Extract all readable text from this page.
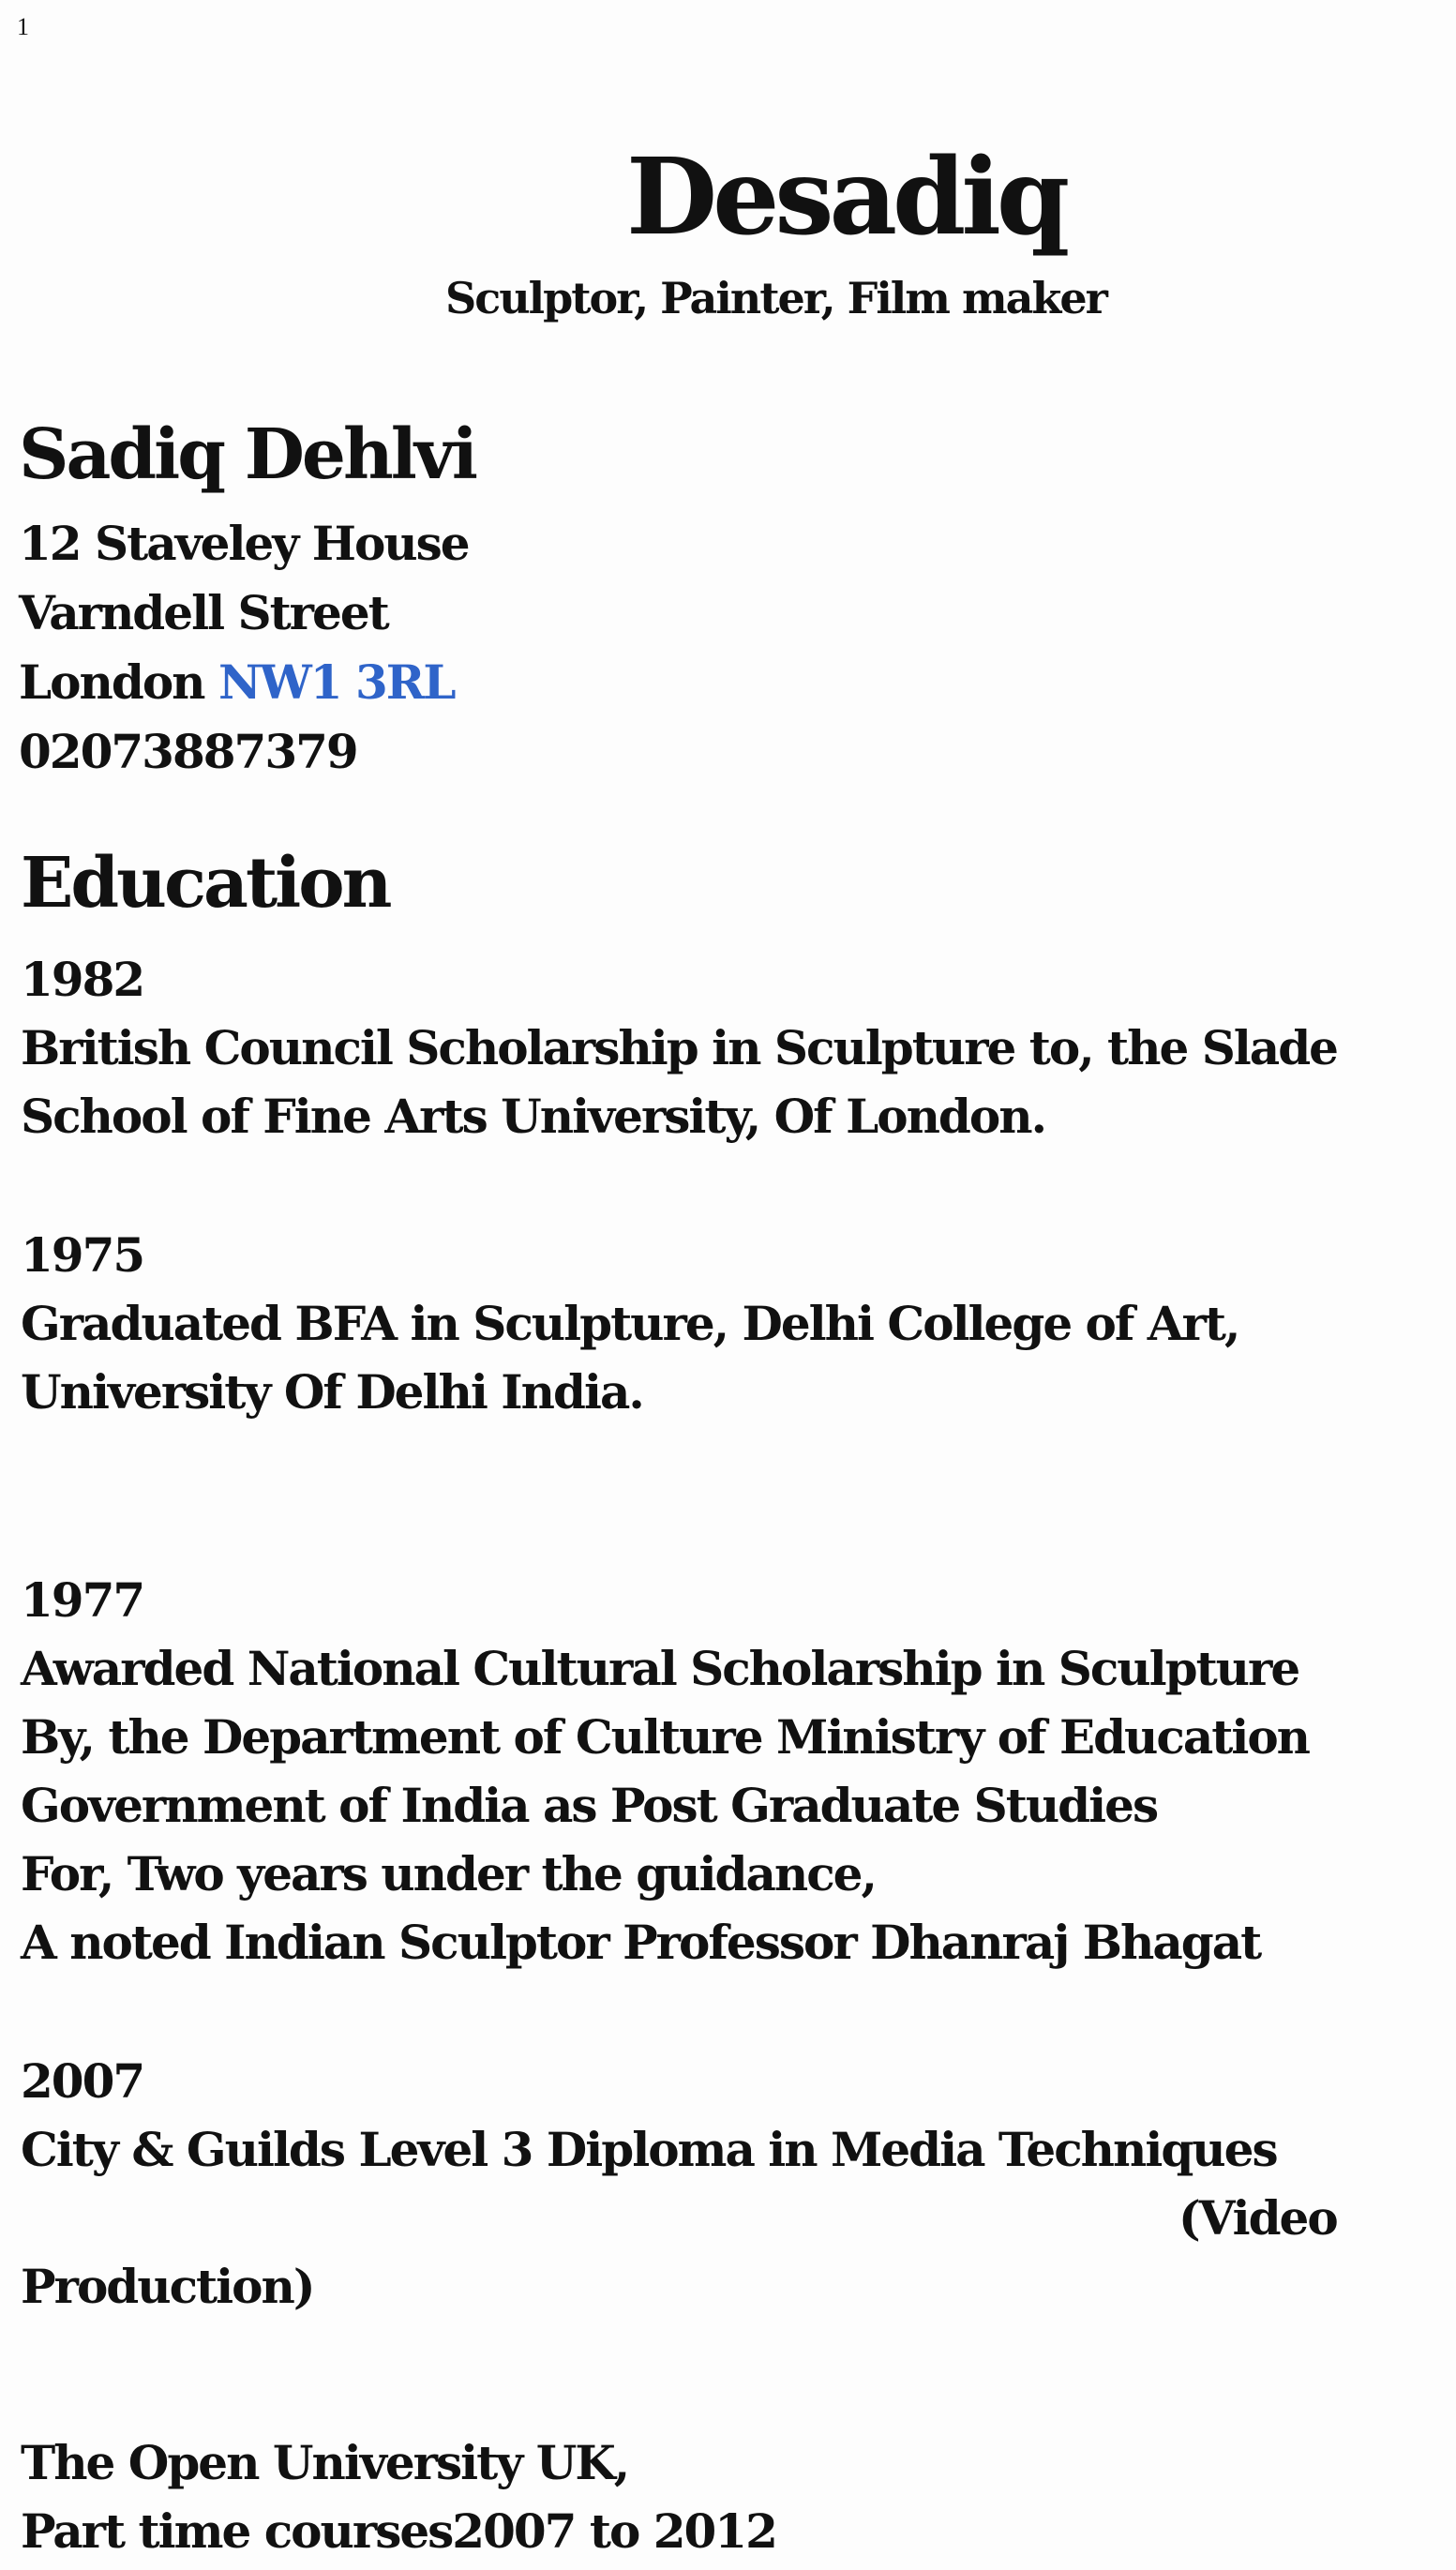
1
Desadiq
Sculptor, Painter, Film maker
Sadiq Dehlvi
12 Staveley House
Varndell Street
London NW1 3RL
02073887379
Education
1982
British Council Scholarship in Sculpture to, the Slade
School of Fine Arts University, Of London.
1975
Graduated BFA in Sculpture, Delhi College of Art,
University Of Delhi India.
1977
Awarded National Cultural Scholarship in Sculpture
By, the Department of Culture Ministry of Education
Government of India as Post Graduate Studies
For, Two years under the guidance,
A noted Indian Sculptor Professor Dhanraj Bhagat
2007
City & Guilds Level 3 Diploma in Media Techniques
(Video
Production)
The Open University UK,
Part time courses2007 to 2012
